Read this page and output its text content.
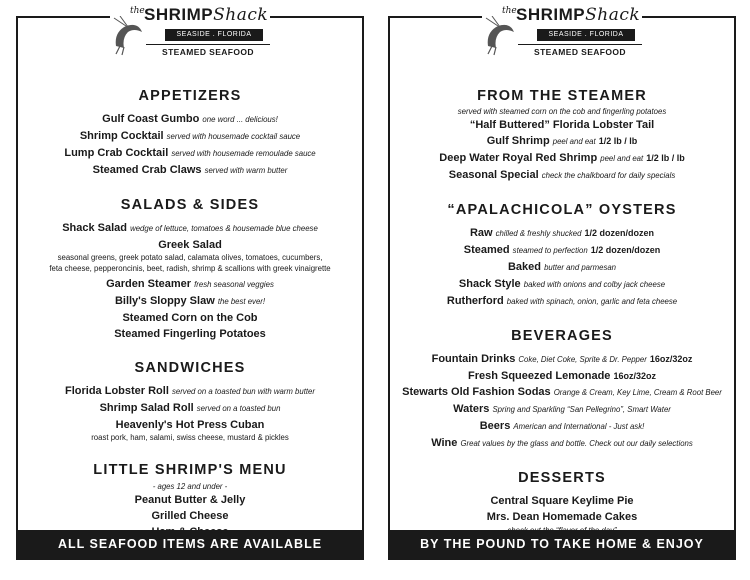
the SHRIMPShack
SEASIDE . FLORIDA
STEAMED SEAFOOD
APPETIZERS
Gulf Coast Gumbo one word ... delicious!
Shrimp Cocktail served with housemade cocktail sauce
Lump Crab Cocktail served with housemade remoulade sauce
Steamed Crab Claws served with warm butter
SALADS & SIDES
Shack Salad wedge of lettuce, tomatoes & housemade blue cheese
Greek Salad
seasonal greens, greek potato salad, calamata olives, tomatoes, cucumbers,
feta cheese, pepperoncinis, beet, radish, shrimp & scallions with greek vinaigrette
Garden Steamer fresh seasonal veggies
Billy's Sloppy Slaw the best ever!
Steamed Corn on the Cob
Steamed Fingerling Potatoes
SANDWICHES
Florida Lobster Roll served on a toasted bun with warm butter
Shrimp Salad Roll served on a toasted bun
Heavenly's Hot Press Cuban
roast pork, ham, salami, swiss cheese, mustard & pickles
LITTLE SHRIMP'S MENU
- ages 12 and under -
Peanut Butter & Jelly
Grilled Cheese
ALL SEAFOOD ITEMS ARE AVAILABLE
the SHRIMPShack
SEASIDE . FLORIDA
STEAMED SEAFOOD
FROM THE STEAMER
served with steamed corn on the cob and fingerling potatoes
“Half Buttered” Florida Lobster Tail
Gulf Shrimp peel and eat 1/2 lb / lb
Deep Water Royal Red Shrimp peel and eat 1/2 lb / lb
Seasonal Special check the chalkboard for daily specials
“APALACHICOLA” OYSTERS
Raw chilled & freshly shucked 1/2 dozen/dozen
Steamed steamed to perfection 1/2 dozen/dozen
Baked butter and parmesan
Shack Style baked with onions and colby jack cheese
Rutherford baked with spinach, onion, garlic and feta cheese
BEVERAGES
Fountain Drinks Coke, Diet Coke, Sprite & Dr. Pepper 16oz/32oz
Fresh Squeezed Lemonade 16oz/32oz
Stewarts Old Fashion Sodas Orange & Cream, Key Lime, Cream & Root Beer
Waters Spring and Sparkling “San Pellegrino”, Smart Water
Beers American and International - Just ask!
Wine Great values by the glass and bottle. Check out our daily selections
DESSERTS
Central Square Keylime Pie
Mrs. Dean Homemade Cakes
BY THE POUND TO TAKE HOME & ENJOY
